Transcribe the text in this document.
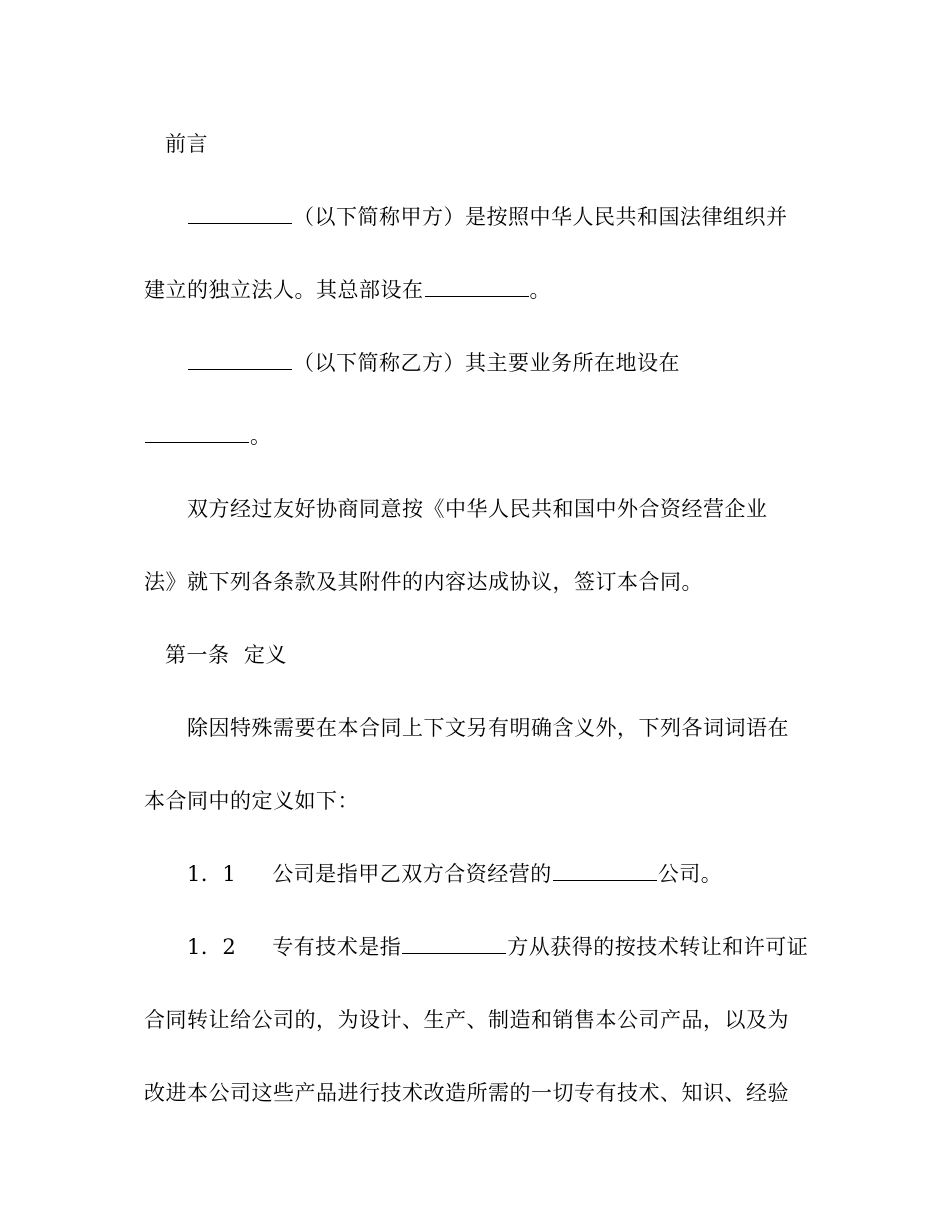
前言
（以下简称甲方）是按照中华人民共和国法律组织并
建立的独立法人。其总部设在	。
（以下简称乙方）其主要业务所在地设在
。
双方经过友好协商同意按《中华人民共和国中外合资经营企业
法》就下列各条款及其附件的内容达成协议，签订本合同。
第一条  定义
除因特殊需要在本合同上下文另有明确含义外，下列各词词语在
本合同中的定义如下：
1．1 公司是指甲乙双方合资经营的	公司。
1．2 专有技术是指	方从获得的按技术转让和许可证
合同转让给公司的，为设计、生产、制造和销售本公司产品，以及为
改进本公司这些产品进行技术改造所需的一切专有技术、知识、经验
